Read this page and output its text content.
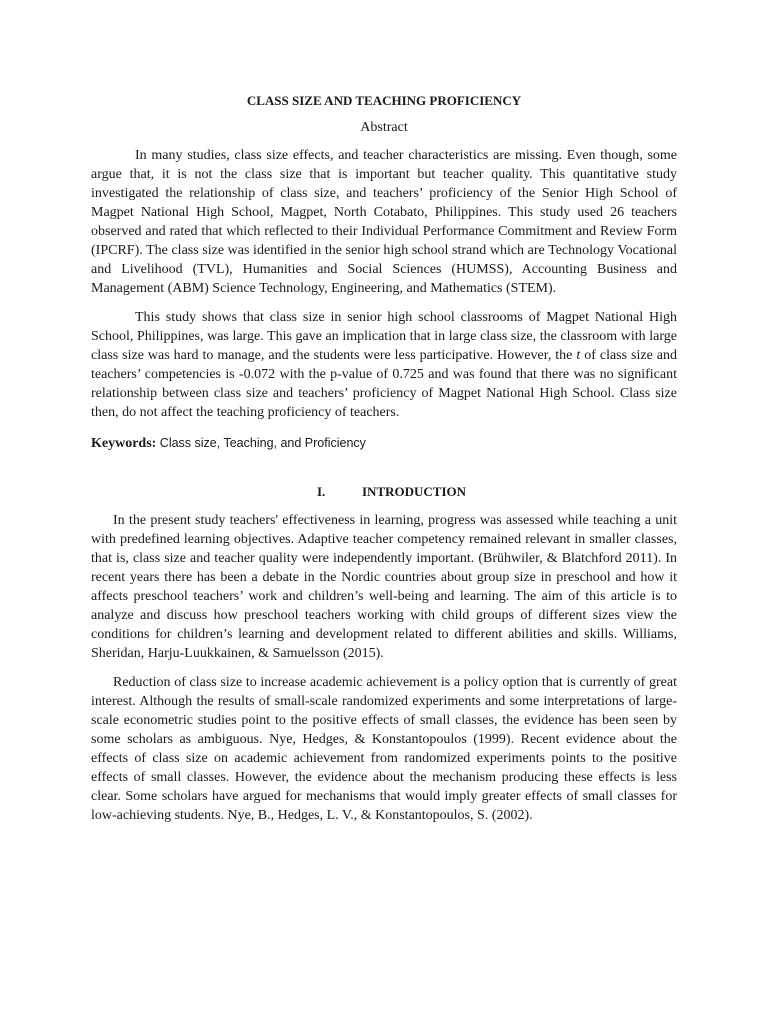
CLASS SIZE AND TEACHING PROFICIENCY
Abstract

In many studies, class size effects, and teacher characteristics are missing. Even though, some argue that, it is not the class size that is important but teacher quality. This quantitative study investigated the relationship of class size, and teachers’ proficiency of the Senior High School of Magpet National High School, Magpet, North Cotabato, Philippines. This study used 26 teachers observed and rated that which reflected to their Individual Performance Commitment and Review Form (IPCRF). The class size was identified in the senior high school strand which are Technology Vocational and Livelihood (TVL), Humanities and Social Sciences (HUMSS), Accounting Business and Management (ABM) Science Technology, Engineering, and Mathematics (STEM).

This study shows that class size in senior high school classrooms of Magpet National High School, Philippines, was large. This gave an implication that in large class size, the classroom with large class size was hard to manage, and the students were less participative. However, the t of class size and teachers’ competencies is -0.072 with the p-value of 0.725 and was found that there was no significant relationship between class size and teachers’ proficiency of Magpet National High School. Class size then, do not affect the teaching proficiency of teachers.

Keywords: Class size, Teaching, and Proficiency

I.	INTRODUCTION

In the present study teachers' effectiveness in learning, progress was assessed while teaching a unit with predefined learning objectives. Adaptive teacher competency remained relevant in smaller classes, that is, class size and teacher quality were independently important. (Brühwiler, & Blatchford 2011). In recent years there has been a debate in the Nordic countries about group size in preschool and how it affects preschool teachers’ work and children’s well-being and learning. The aim of this article is to analyze and discuss how preschool teachers working with child groups of different sizes view the conditions for children’s learning and development related to different abilities and skills. Williams, Sheridan, Harju-Luukkainen, & Samuelsson (2015).

Reduction of class size to increase academic achievement is a policy option that is currently of great interest. Although the results of small-scale randomized experiments and some interpretations of large-scale econometric studies point to the positive effects of small classes, the evidence has been seen by some scholars as ambiguous. Nye, Hedges, & Konstantopoulos (1999). Recent evidence about the effects of class size on academic achievement from randomized experiments points to the positive effects of small classes. However, the evidence about the mechanism producing these effects is less clear. Some scholars have argued for mechanisms that would imply greater effects of small classes for low-achieving students. Nye, B., Hedges, L. V., & Konstantopoulos, S. (2002).
